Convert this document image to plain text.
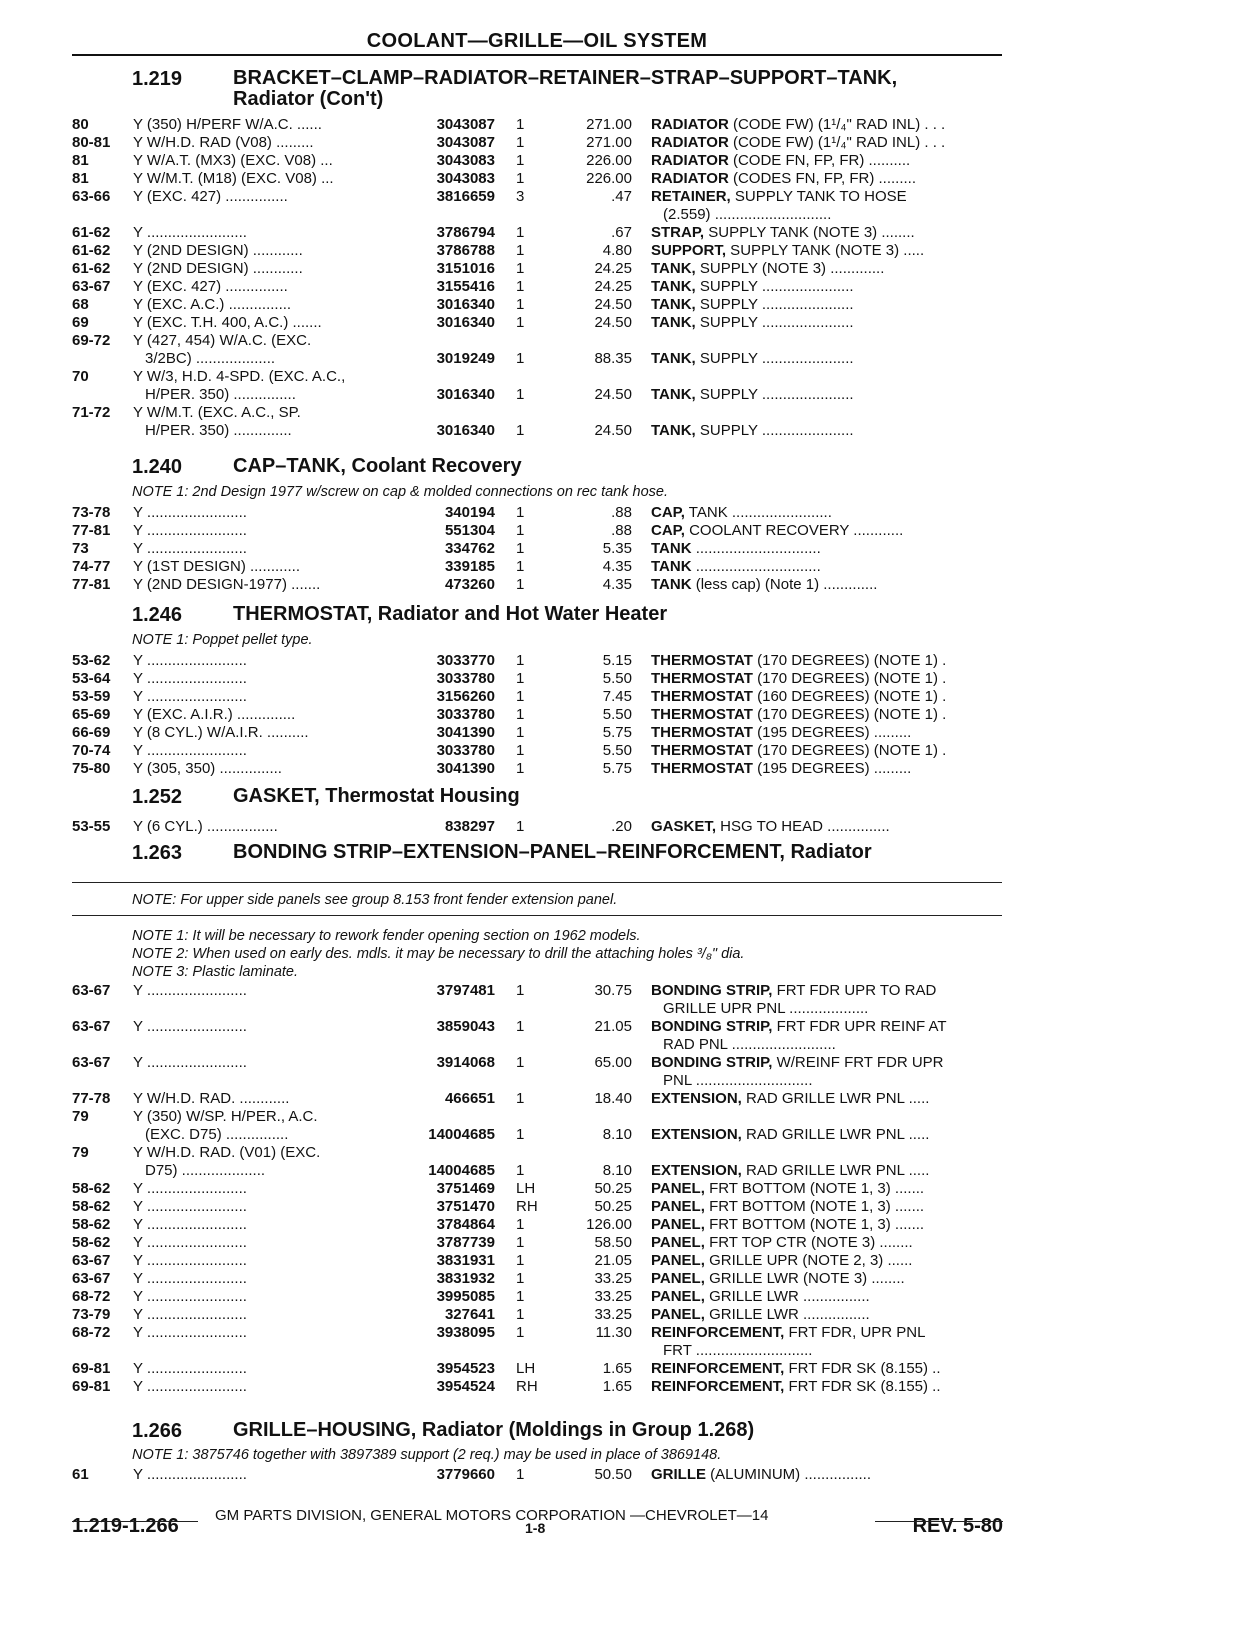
COOLANT—GRILLE—OIL SYSTEM
1.219	BRACKET–CLAMP–RADIATOR–RETAINER–STRAP–SUPPORT–TANK,
Radiator (Con't)
80	Y (350) H/PERF W/A.C. ......	3043087 1	271.00 RADIATOR (CODE FW) (1¹/₄" RAD INL) . . .
80-81 Y W/H.D. RAD (V08) .........	3043087 1	271.00 RADIATOR (CODE FW) (1¹/₄" RAD INL) . . .
81	Y W/A.T. (MX3) (EXC. V08) ...	3043083 1	226.00 RADIATOR (CODE FN, FP, FR) ..........
81	Y W/M.T. (M18) (EXC. V08) ...	3043083 1	226.00 RADIATOR (CODES FN, FP, FR) .........
63-66 Y (EXC. 427) ...............	3816659 3	.47 RETAINER, SUPPLY TANK TO HOSE
(2.559) ............................
61-62 Y ........................	3786794 1	.67 STRAP, SUPPLY TANK (NOTE 3) ........
61-62 Y (2ND DESIGN) ............	3786788 1	4.80 SUPPORT, SUPPLY TANK (NOTE 3) .....
61-62 Y (2ND DESIGN) ............	3151016 1	24.25 TANK, SUPPLY (NOTE 3) .............
63-67 Y (EXC. 427) ...............	3155416 1	24.25 TANK, SUPPLY ......................
68	Y (EXC. A.C.) ...............	3016340 1	24.50 TANK, SUPPLY ......................
69	Y (EXC. T.H. 400, A.C.) .......	3016340 1	24.50 TANK, SUPPLY ......................
69-72 Y (427, 454) W/A.C. (EXC.
3/2BC) ...................	3019249 1	88.35 TANK, SUPPLY ......................
70	Y W/3, H.D. 4-SPD. (EXC. A.C.,
H/PER. 350) ...............	3016340 1	24.50 TANK, SUPPLY ......................
71-72 Y W/M.T. (EXC. A.C., SP.
H/PER. 350) ..............	3016340 1	24.50 TANK, SUPPLY ......................
1.240	CAP–TANK, Coolant Recovery
NOTE 1: 2nd Design 1977 w/screw on cap & molded connections on rec tank hose.
73-78 Y ........................	340194 1	.88 CAP, TANK ........................
77-81 Y ........................	551304 1	.88 CAP, COOLANT RECOVERY ............
73	Y ........................	334762 1	5.35 TANK ..............................
74-77 Y (1ST DESIGN) ............	339185 1	4.35 TANK ..............................
77-81 Y (2ND DESIGN-1977) .......	473260 1	4.35 TANK (less cap) (Note 1) .............
1.246	THERMOSTAT, Radiator and Hot Water Heater
NOTE 1: Poppet pellet type.
53-62 Y ........................	3033770 1	5.15 THERMOSTAT (170 DEGREES) (NOTE 1) .
53-64 Y ........................	3033780 1	5.50 THERMOSTAT (170 DEGREES) (NOTE 1) .
53-59 Y ........................	3156260 1	7.45 THERMOSTAT (160 DEGREES) (NOTE 1) .
65-69 Y (EXC. A.I.R.) ..............	3033780 1	5.50 THERMOSTAT (170 DEGREES) (NOTE 1) .
66-69 Y (8 CYL.) W/A.I.R. ..........	3041390 1	5.75 THERMOSTAT (195 DEGREES) .........
70-74 Y ........................	3033780 1	5.50 THERMOSTAT (170 DEGREES) (NOTE 1) .
75-80 Y (305, 350) ...............	3041390 1	5.75 THERMOSTAT (195 DEGREES) .........
1.252	GASKET, Thermostat Housing
53-55 Y (6 CYL.) .................	838297 1	.20 GASKET, HSG TO HEAD ...............
1.263	BONDING STRIP–EXTENSION–PANEL–REINFORCEMENT, Radiator
NOTE: For upper side panels see group 8.153 front fender extension panel.
NOTE 1: It will be necessary to rework fender opening section on 1962 models.
NOTE 2: When used on early des. mdls. it may be necessary to drill the attaching holes ³/₈" dia.
NOTE 3: Plastic laminate.
63-67 Y ........................	3797481 1	30.75 BONDING STRIP, FRT FDR UPR TO RAD
GRILLE UPR PNL ...................
63-67 Y ........................	3859043 1	21.05 BONDING STRIP, FRT FDR UPR REINF AT
RAD PNL .........................
63-67 Y ........................	3914068 1	65.00 BONDING STRIP, W/REINF FRT FDR UPR
PNL ............................
77-78 Y W/H.D. RAD. ............	466651 1	18.40 EXTENSION, RAD GRILLE LWR PNL .....
79	Y (350) W/SP. H/PER., A.C.
(EXC. D75) ...............	14004685 1	8.10 EXTENSION, RAD GRILLE LWR PNL .....
79	Y W/H.D. RAD. (V01) (EXC.
D75) ....................	14004685 1	8.10 EXTENSION, RAD GRILLE LWR PNL .....
58-62 Y ........................	3751469 LH	50.25 PANEL, FRT BOTTOM (NOTE 1, 3) .......
58-62 Y ........................	3751470 RH	50.25 PANEL, FRT BOTTOM (NOTE 1, 3) .......
58-62 Y ........................	3784864 1	126.00 PANEL, FRT BOTTOM (NOTE 1, 3) .......
58-62 Y ........................	3787739 1	58.50 PANEL, FRT TOP CTR (NOTE 3) ........
63-67 Y ........................	3831931 1	21.05 PANEL, GRILLE UPR (NOTE 2, 3) ......
63-67 Y ........................	3831932 1	33.25 PANEL, GRILLE LWR (NOTE 3) ........
68-72 Y ........................	3995085 1	33.25 PANEL, GRILLE LWR ................
73-79 Y ........................	327641 1	33.25 PANEL, GRILLE LWR ................
68-72 Y ........................	3938095 1	11.30 REINFORCEMENT, FRT FDR, UPR PNL
FRT ............................
69-81 Y ........................	3954523 LH	1.65 REINFORCEMENT, FRT FDR SK (8.155) ..
69-81 Y ........................	3954524 RH	1.65 REINFORCEMENT, FRT FDR SK (8.155) ..
1.266	GRILLE–HOUSING, Radiator (Moldings in Group 1.268)
NOTE 1: 3875746 together with 3897389 support (2 req.) may be used in place of 3869148.
61	Y ........................	3779660 1	50.50 GRILLE (ALUMINUM) ................
GM PARTS DIVISION, GENERAL MOTORS CORPORATION —CHEVROLET—14
1.219-1.266	1-8	REV. 5-80
